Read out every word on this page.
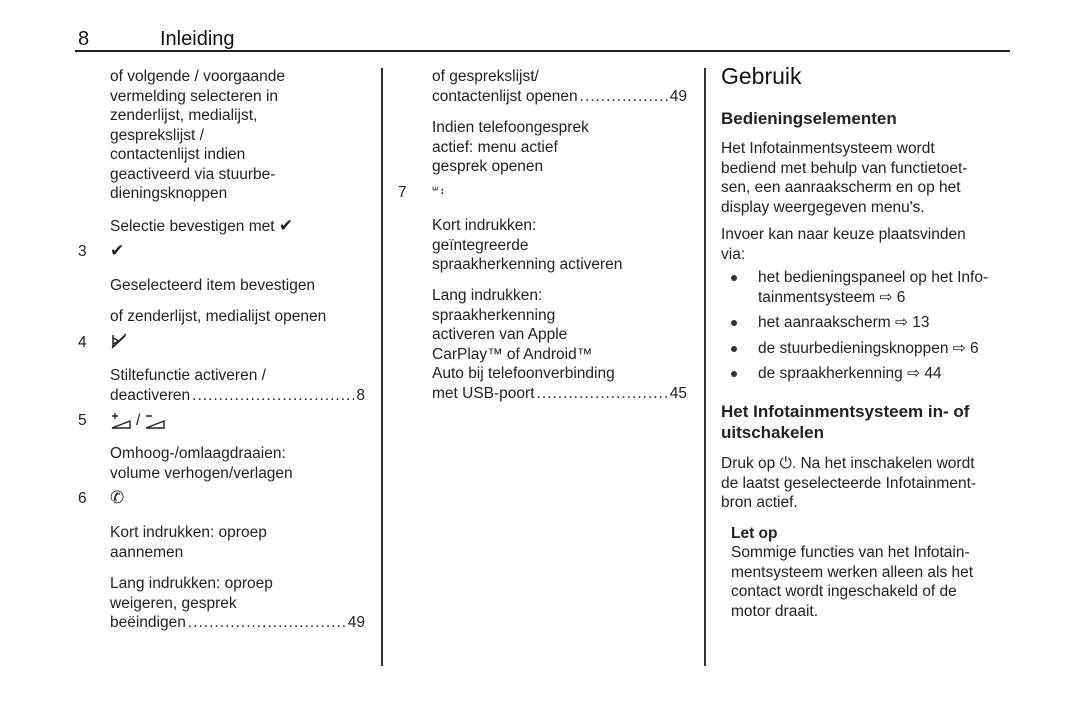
8	Inleiding
of volgende / voorgaande
vermelding selecteren in
zenderlijst, medialijst,
gesprekslijst /
contactenlijst indien
geactiveerd via stuurbe-
dieningsknoppen
Selectie bevestigen met ✔
3 ✔
Geselecteerd item bevestigen
of zenderlijst, medialijst openen
4
Stiltefunctie activeren /
deactiveren .....	8
5	/
Omhoog-/omlaagdraaien:
volume verhogen/verlagen
6 ✆
Kort indrukken: oproep
aannemen
Lang indrukken: oproep
weigeren, gesprek
beëindigen .....	49
of gesprekslijst/
contactenlijst openen .....	49
Indien telefoongesprek
actief: menu actief
gesprek openen
7 ᐜ᛬
Kort indrukken:
geïntegreerde
spraakherkenning activeren
Lang indrukken:
spraakherkenning
activeren van Apple
CarPlay™ of Android™
Auto bij telefoonverbinding
met USB-poort .....	45
Gebruik
Bedieningselementen
Het Infotainmentsysteem wordt
bediend met behulp van functietoet-
sen, een aanraakscherm en op het
display weergegeven menu's.
Invoer kan naar keuze plaatsvinden
via:
het bedieningspaneel op het Info-
tainmentsysteem ⇨ 6
het aanraakscherm ⇨ 13
de stuurbedieningsknoppen ⇨ 6
de spraakherkenning ⇨ 44
Het Infotainmentsysteem in- of
uitschakelen
Druk op ⏻. Na het inschakelen wordt
de laatst geselecteerde Infotainment-
bron actief.
Let op
Sommige functies van het Infotain-
mentsysteem werken alleen als het
contact wordt ingeschakeld of de
motor draait.
